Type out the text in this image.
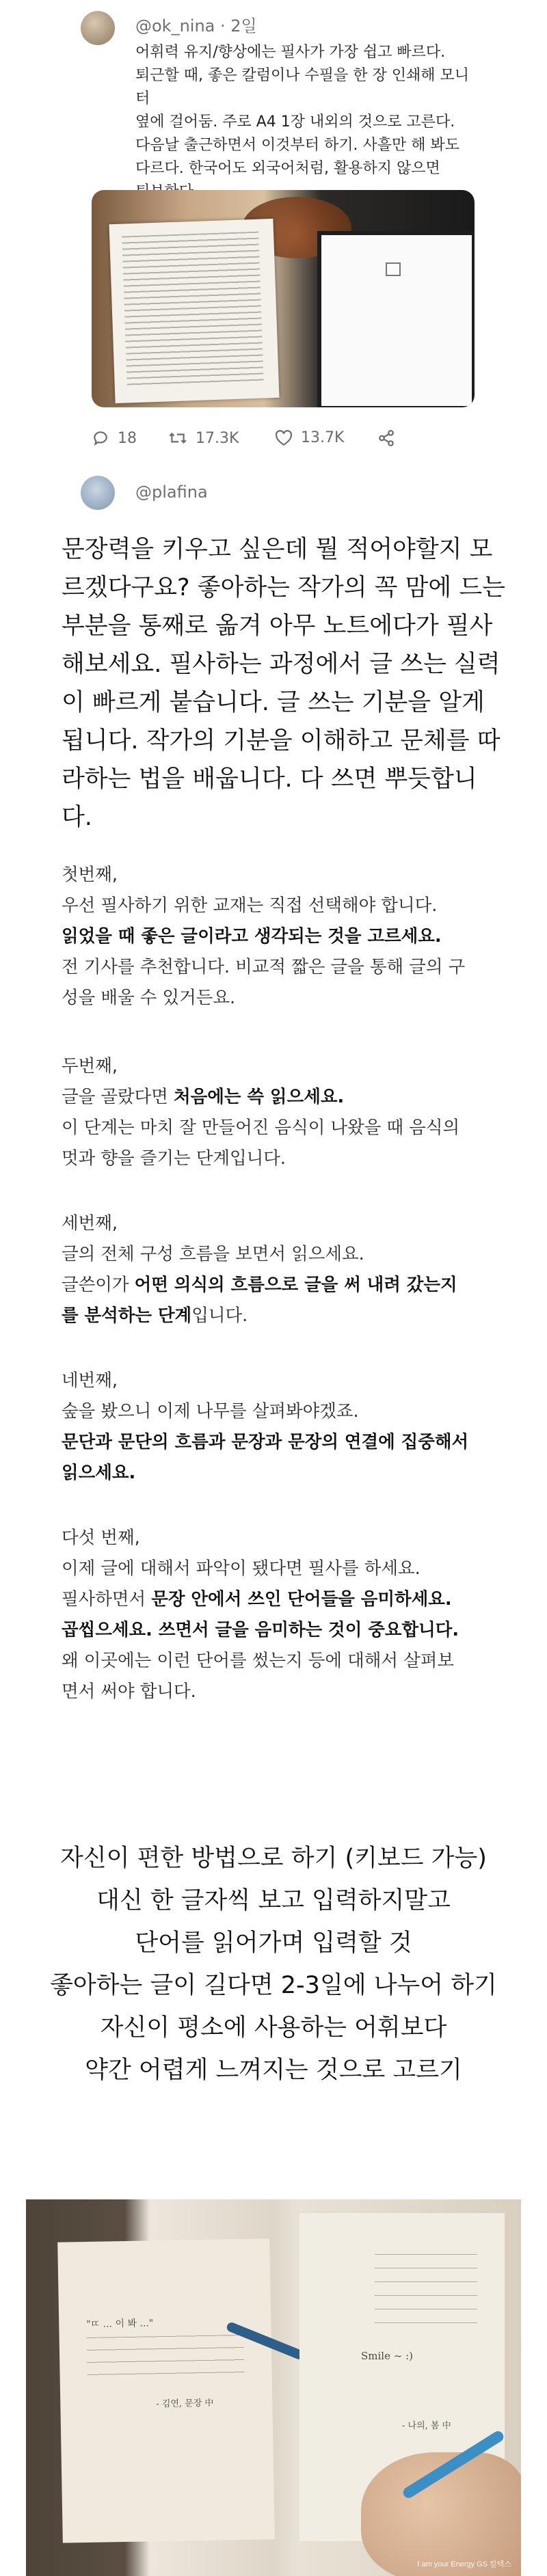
@ok_nina · 2일

어휘력 유지/향상에는 필사가 가장 쉽고 빠르다.

퇴근할 때, 좋은 칼럼이나 수필을 한 장 인쇄해 모니터

옆에 걸어둠. 주로 A4 1장 내외의 것으로 고른다.

다음날 출근하면서 이것부터 하기. 사흘만 해 봐도

다르다. 한국어도 외국어처럼, 활용하지 않으면

18	17.3K	13.7K
@plafina
문장력을 키우고 싶은데 뭘 적어야할지 모르겠다구요? 좋아하는 작가의 꼭 맘에 드는 부분을 통째로 옮겨 아무 노트에다가 필사해보세요. 필사하는 과정에서 글 쓰는 실력이 빠르게 붙습니다. 글 쓰는 기분을 알게 됩니다. 작가의 기분을 이해하고 문체를 따라하는 법을 배웁니다. 다 쓰면 뿌듯합니다.

첫번째,

우선 필사하기 위한 교재는 직접 선택해야 합니다.

읽었을 때 좋은 글이라고 생각되는 것을 고르세요.

전 기사를 추천합니다. 비교적 짧은 글을 통해 글의 구

성을 배울 수 있거든요.

두번째,

글을 골랐다면 처음에는 쓱 읽으세요.

이 단계는 마치 잘 만들어진 음식이 나왔을 때 음식의

멋과 향을 즐기는 단계입니다.

세번째,

글의 전체 구성 흐름을 보면서 읽으세요.

글쓴이가 어떤 의식의 흐름으로 글을 써 내려 갔는지

를 분석하는 단계입니다.

네번째,

숲을 봤으니 이제 나무를 살펴봐야겠죠.

문단과 문단의 흐름과 문장과 문장의 연결에 집중해서

읽으세요.

다섯 번째,

이제 글에 대해서 파악이 됐다면 필사를 하세요.

필사하면서 문장 안에서 쓰인 단어들을 음미하세요.

곱씹으세요. 쓰면서 글을 음미하는 것이 중요합니다.

왜 이곳에는 이런 단어를 썼는지 등에 대해서 살펴보

면서 써야 합니다.

자신이 편한 방법으로 하기 (키보드 가능)
대신 한 글자씩 보고 입력하지말고
단어를 읽어가며 입력할 것
좋아하는 글이 길다면 2-3일에 나누어 하기
자신이 평소에 사용하는 어휘보다
약간 어렵게 느껴지는 것으로 고르기
"ㄸ ... 이 봐 ..."
- 김연, 문장 中
Smile ~ :)
- 나의, 봄 中
I am your Energy GS 칼텍스
